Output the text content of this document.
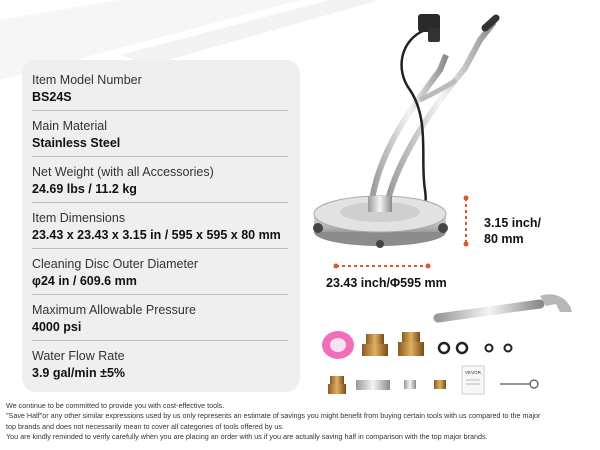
Item Model Number
BS24S
Main Material
Stainless Steel
Net Weight (with all Accessories)
24.69 lbs / 11.2 kg
Item Dimensions
23.43 x 23.43 x 3.15 in / 595 x 595 x 80 mm
Cleaning Disc Outer Diameter
φ24 in / 609.6 mm
Maximum Allowable Pressure
4000 psi
Water Flow Rate
3.9 gal/min ±5%	VEVOR
3.15 inch/
80 mm
23.43 inch/Φ595 mm
We continue to be committed to provide you with cost-effective tools.
"Save Half"or any other similar expressions used by us only represents an estimate of savings you might benefit from buying certain tools with us compared to the major
top brands and does not necessarily mean to cover all categories of tools offered by us.
You are kindly reminded to verify carefully when you are placing an order with us if you are actually saving half in comparison with the top major brands.
